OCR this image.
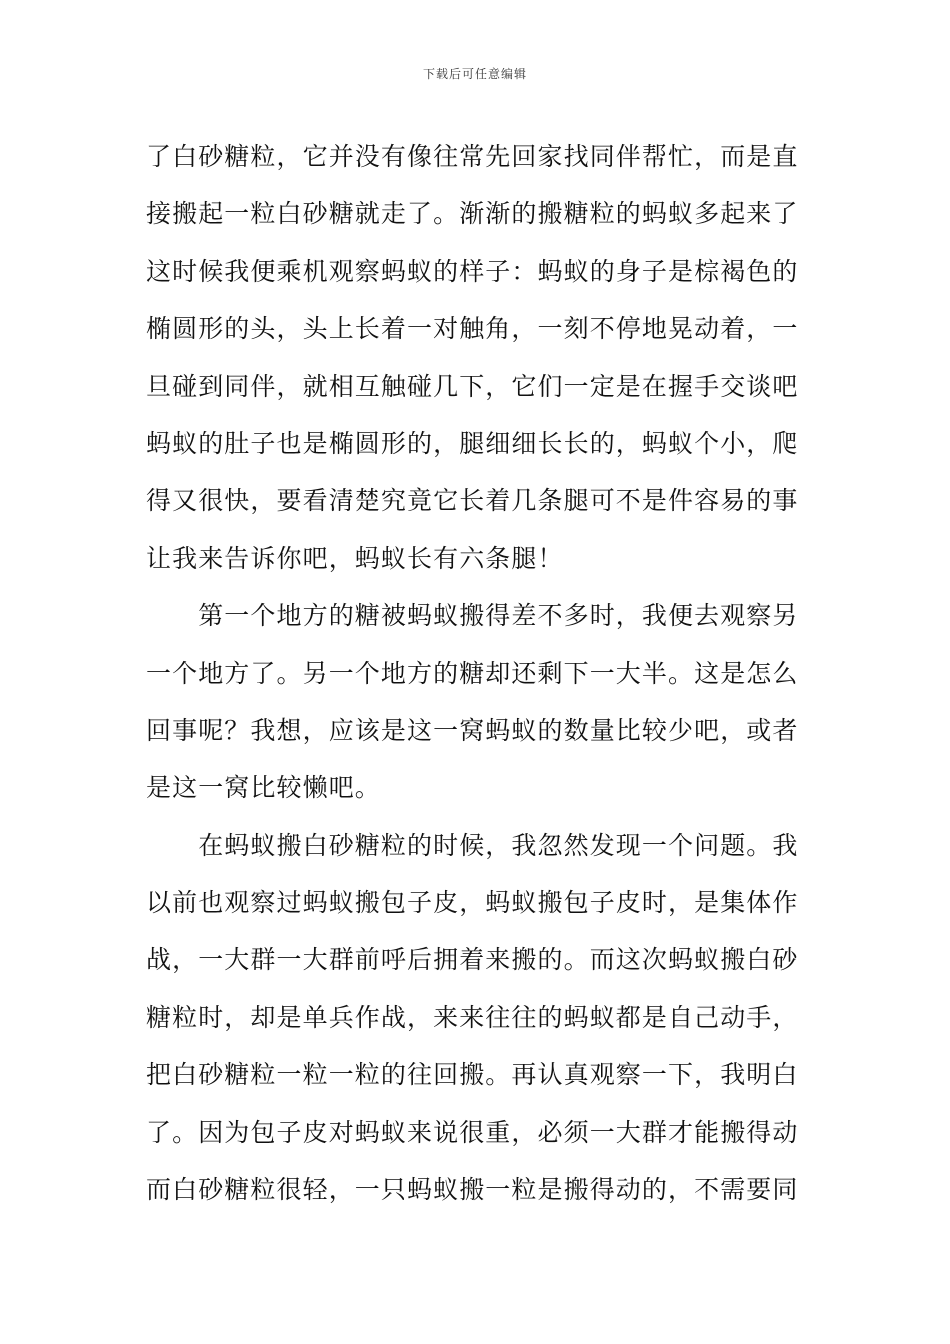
下载后可任意编辑
了白砂糖粒，它并没有像往常先回家找同伴帮忙，而是直
接搬起一粒白砂糖就走了。渐渐的搬糖粒的蚂蚁多起来了
这时候我便乘机观察蚂蚁的样子：蚂蚁的身子是棕褐色的
椭圆形的头，头上长着一对触角，一刻不停地晃动着，一
旦碰到同伴，就相互触碰几下，它们一定是在握手交谈吧
蚂蚁的肚子也是椭圆形的，腿细细长长的，蚂蚁个小，爬
得又很快，要看清楚究竟它长着几条腿可不是件容易的事
让我来告诉你吧，蚂蚁长有六条腿！
　　第一个地方的糖被蚂蚁搬得差不多时，我便去观察另
一个地方了。另一个地方的糖却还剩下一大半。这是怎么
回事呢？我想，应该是这一窝蚂蚁的数量比较少吧，或者
是这一窝比较懒吧。
　　在蚂蚁搬白砂糖粒的时候，我忽然发现一个问题。我
以前也观察过蚂蚁搬包子皮，蚂蚁搬包子皮时，是集体作
战，一大群一大群前呼后拥着来搬的。而这次蚂蚁搬白砂
糖粒时，却是单兵作战，来来往往的蚂蚁都是自己动手，
把白砂糖粒一粒一粒的往回搬。再认真观察一下，我明白
了。因为包子皮对蚂蚁来说很重，必须一大群才能搬得动
而白砂糖粒很轻，一只蚂蚁搬一粒是搬得动的，不需要同
